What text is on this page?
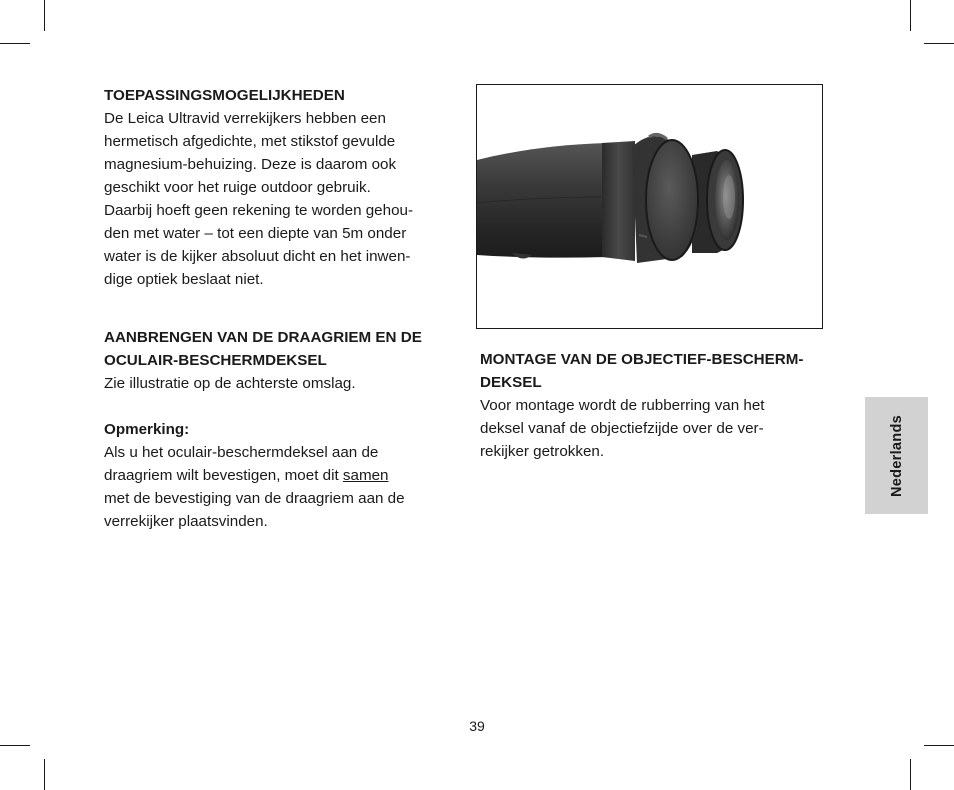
TOEPASSINGSMOGELIJKHEDEN

De Leica Ultravid verrekijkers hebben een

hermetisch afgedichte, met stikstof gevulde

magnesium-behuizing. Deze is daarom ook

geschikt voor het ruige outdoor gebruik.

Daarbij hoeft geen rekening te worden gehou-

den met water – tot een diepte van 5m onder

water is de kijker absoluut dicht en het inwen-

dige optiek beslaat niet.

AANBRENGEN VAN DE DRAAGRIEM EN DE

OCULAIR-BESCHERMDEKSEL

Zie illustratie op de achterste omslag.

Opmerking:

Als u het oculair-beschermdeksel aan de

draagriem wilt bevestigen, moet dit samen

met de bevestiging van de draagriem aan de

verrekijker plaatsvinden.

MONTAGE VAN DE OBJECTIEF-BESCHERM-

DEKSEL

Voor montage wordt de rubberring van het

deksel vanaf de objectiefzijde over de ver-

rekijker getrokken.	Nederlands
39
